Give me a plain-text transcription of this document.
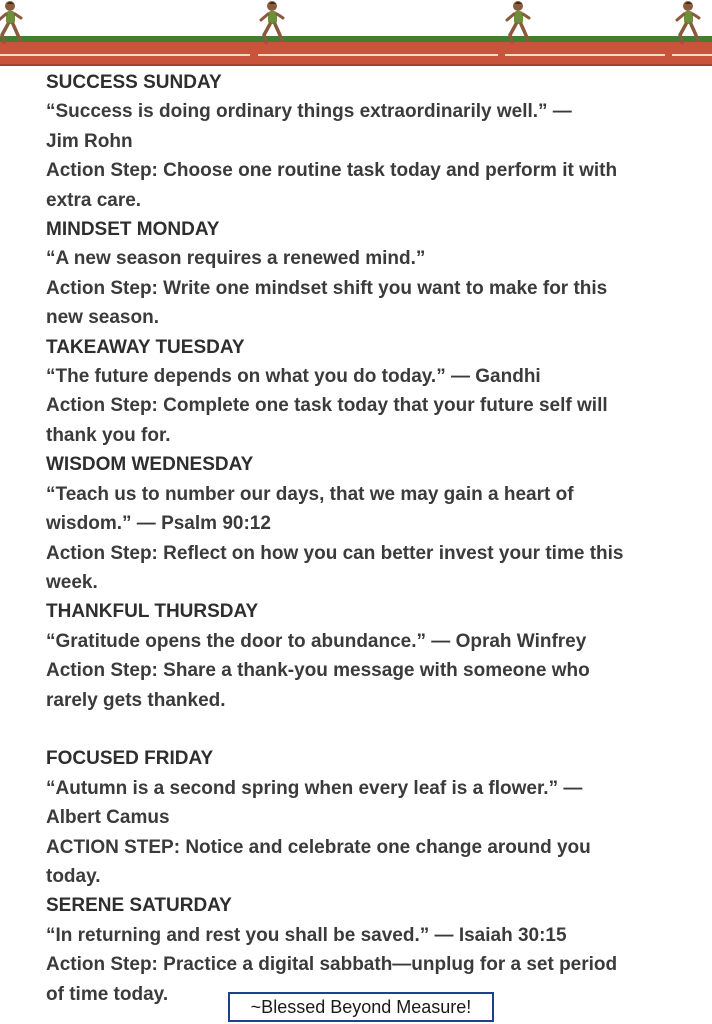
SUCCESS SUNDAY

“Success is doing ordinary things extraordinarily well.” —

Jim Rohn

Action Step: Choose one routine task today and perform it with

extra care.

MINDSET MONDAY

“A new season requires a renewed mind.”

Action Step: Write one mindset shift you want to make for this

new season.

TAKEAWAY TUESDAY

“The future depends on what you do today.” — Gandhi

Action Step: Complete one task today that your future self will

thank you for.

WISDOM WEDNESDAY

“Teach us to number our days, that we may gain a heart of

wisdom.” — Psalm 90:12

Action Step: Reflect on how you can better invest your time this

week.

THANKFUL THURSDAY

“Gratitude opens the door to abundance.” — Oprah Winfrey

Action Step: Share a thank-you message with someone who

rarely gets thanked.

FOCUSED FRIDAY

“Autumn is a second spring when every leaf is a flower.” —

Albert Camus

ACTION STEP: Notice and celebrate one change around you

today.

SERENE SATURDAY

“In returning and rest you shall be saved.” — Isaiah 30:15

Action Step: Practice a digital sabbath—unplug for a set period

of time today.

~Blessed Beyond Measure!
